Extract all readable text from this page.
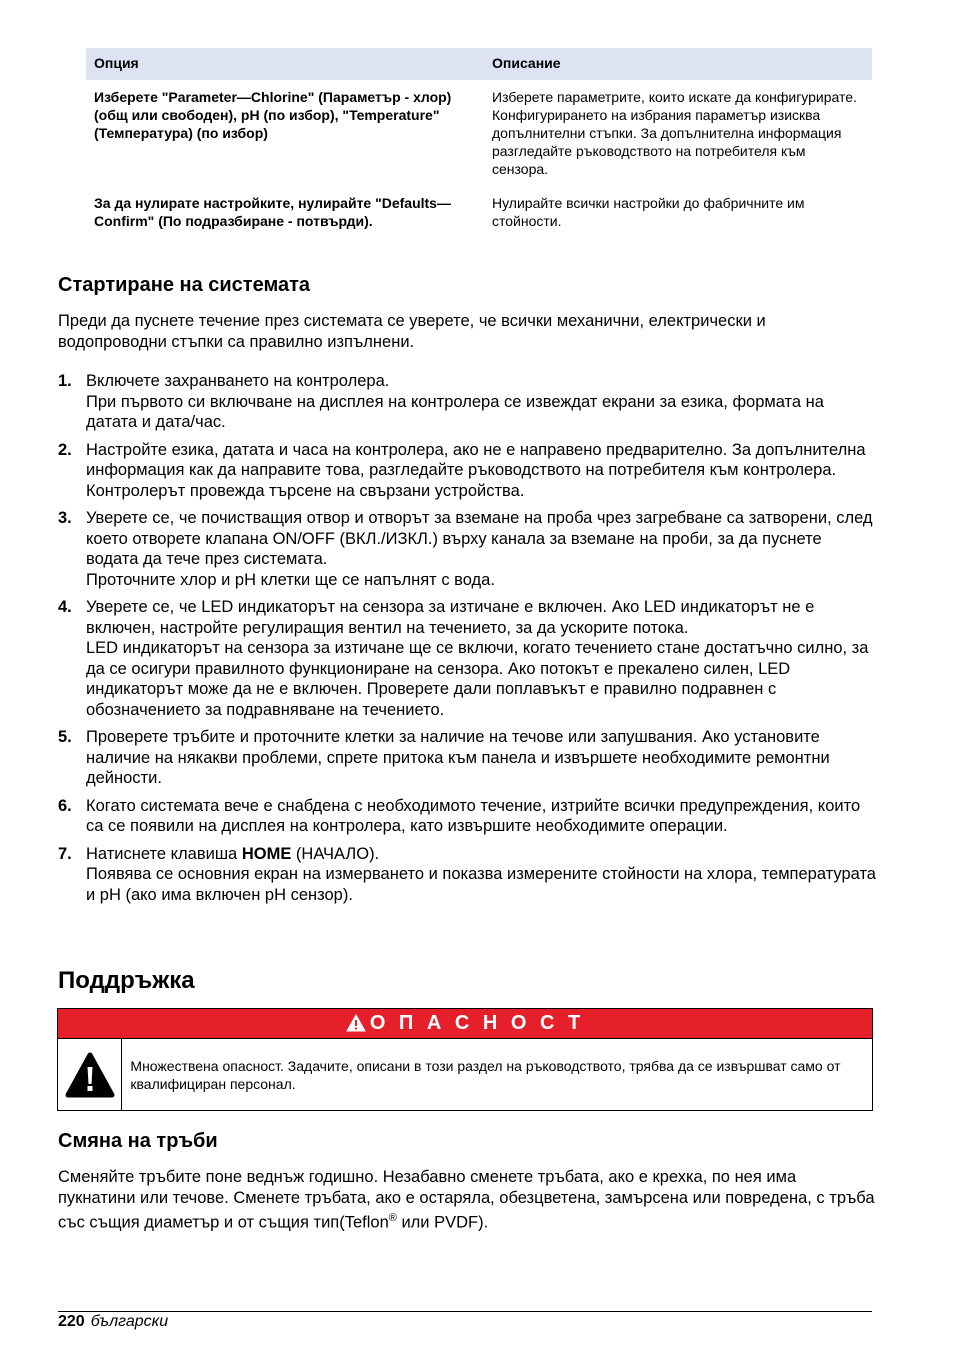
Опция	Описание
Изберете "Parameter—Chlorine" (Параметър - хлор) (общ или свободен), pH (по избор), "Temperature" (Температура) (по избор)	Изберете параметрите, които искате да конфигурирате. Конфигурирането на избрания параметър изисква допълнителни стъпки. За допълнителна информация разгледайте ръководството на потребителя към сензора.
За да нулирате настройките, нулирайте "Defaults—Confirm" (По подразбиране - потвърди).	Нулирайте всички настройки до фабричните им стойности.
Стартиране на системата

Преди да пуснете течение през системата се уверете, че всички механични, електрически и водопроводни стъпки са правилно изпълнени.

1. Включете захранването на контролера.
При първото си включване на дисплея на контролера се извеждат екрани за езика, формата на датата и дата/час.
2. Настройте езика, датата и часа на контролера, ако не е направено предварително. За допълнителна информация как да направите това, разгледайте ръководството на потребителя към контролера.
Контролерът провежда търсене на свързани устройства.
3. Уверете се, че почистващия отвор и отворът за вземане на проба чрез загребване са затворени, след което отворете клапана ON/OFF (ВКЛ./ИЗКЛ.) върху канала за вземане на проби, за да пуснете водата да тече през системата.
Проточните хлор и pH клетки ще се напълнят с вода.
4. Уверете се, че LED индикаторът на сензора за изтичане е включен. Ако LED индикаторът не е включен, настройте регулиращия вентил на течението, за да ускорите потока.
LED индикаторът на сензора за изтичане ще се включи, когато течението стане достатъчно силно, за да се осигури правилното функциониране на сензора. Ако потокът е прекалено силен, LED индикаторът може да не е включен. Проверете дали поплавъкът е правилно подравнен с обозначението за подравняване на течението.
5. Проверете тръбите и проточните клетки за наличие на течове или запушвания. Ако установите наличие на някакви проблеми, спрете притока към панела и извършете необходимите ремонтни дейности.
6. Когато системата вече е снабдена с необходимото течение, изтрийте всички предупреждения, които са се появили на дисплея на контролера, като извършите необходимите операции.
7. Натиснете клавиша HOME (НАЧАЛО).
Появява се основния екран на измерването и показва измерените стойности на хлора, температурата и pH (ако има включен pH сензор).
Поддръжка
О П А С Н О С Т
Множествена опасност. Задачите, описани в този раздел на ръководството, трябва да се извършват само от квалифициран персонал.
Смяна на тръби

Сменяйте тръбите поне веднъж годишно. Незабавно сменете тръбата, ако е крехка, по нея има пукнатини или течове. Сменете тръбата, ако е остаряла, обезцветена, замърсена или повредена, с тръба със същия диаметър и от същия тип(Teflon® или PVDF).

220 български
